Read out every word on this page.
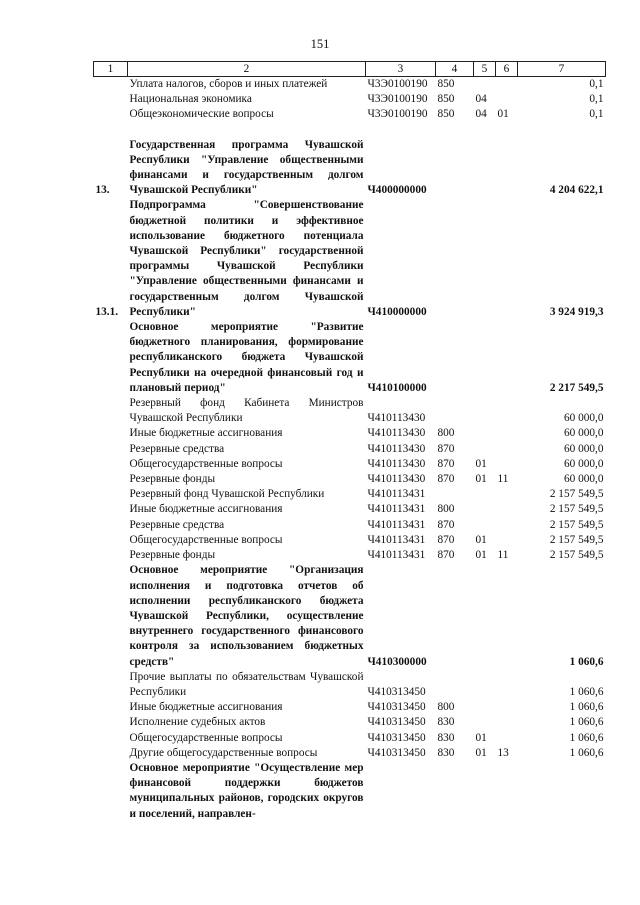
151
1	2	3	4	5	6	7
	Уплата налогов, сборов и иных платежей	Ч3Э0100190	850			0,1
	Национальная экономика	Ч3Э0100190	850	04		0,1
	Общеэкономические вопросы	Ч3Э0100190	850	04	01	0,1

13.	Государственная программа Чувашской Республики "Управление общественными финансами и государственным долгом Чувашской Республики"	Ч400000000				4 204 622,1
13.1.	Подпрограмма "Совершенствование бюджетной политики и эффективное использование бюджетного потенциала Чувашской Республики" государственной программы Чувашской Республики "Управление общественными финансами и государственным долгом Чувашской Республики"	Ч410000000				3 924 919,3
	Основное мероприятие "Развитие бюджетного планирования, формирование республиканского бюджета Чувашской Республики на очередной финансовый год и плановый период"	Ч410100000				2 217 549,5
	Резервный фонд Кабинета Министров Чувашской Республики	Ч410113430				60 000,0
	Иные бюджетные ассигнования	Ч410113430	800			60 000,0
	Резервные средства	Ч410113430	870			60 000,0
	Общегосударственные вопросы	Ч410113430	870	01		60 000,0
	Резервные фонды	Ч410113430	870	01	11	60 000,0
	Резервный фонд Чувашской Республики	Ч410113431				2 157 549,5
	Иные бюджетные ассигнования	Ч410113431	800			2 157 549,5
	Резервные средства	Ч410113431	870			2 157 549,5
	Общегосударственные вопросы	Ч410113431	870	01		2 157 549,5
	Резервные фонды	Ч410113431	870	01	11	2 157 549,5
	Основное мероприятие "Организация исполнения и подготовка отчетов об исполнении республиканского бюджета Чувашской Республики, осуществление внутреннего государственного финансового контроля за использованием бюджетных средств"	Ч410300000				1 060,6
	Прочие выплаты по обязательствам Чувашской Республики	Ч410313450				1 060,6
	Иные бюджетные ассигнования	Ч410313450	800			1 060,6
	Исполнение судебных актов	Ч410313450	830			1 060,6
	Общегосударственные вопросы	Ч410313450	830	01		1 060,6
	Другие общегосударственные вопросы	Ч410313450	830	01	13	1 060,6
	Основное мероприятие "Осуществление мер финансовой поддержки бюджетов муниципальных районов, городских округов и поселений, направлен-					
